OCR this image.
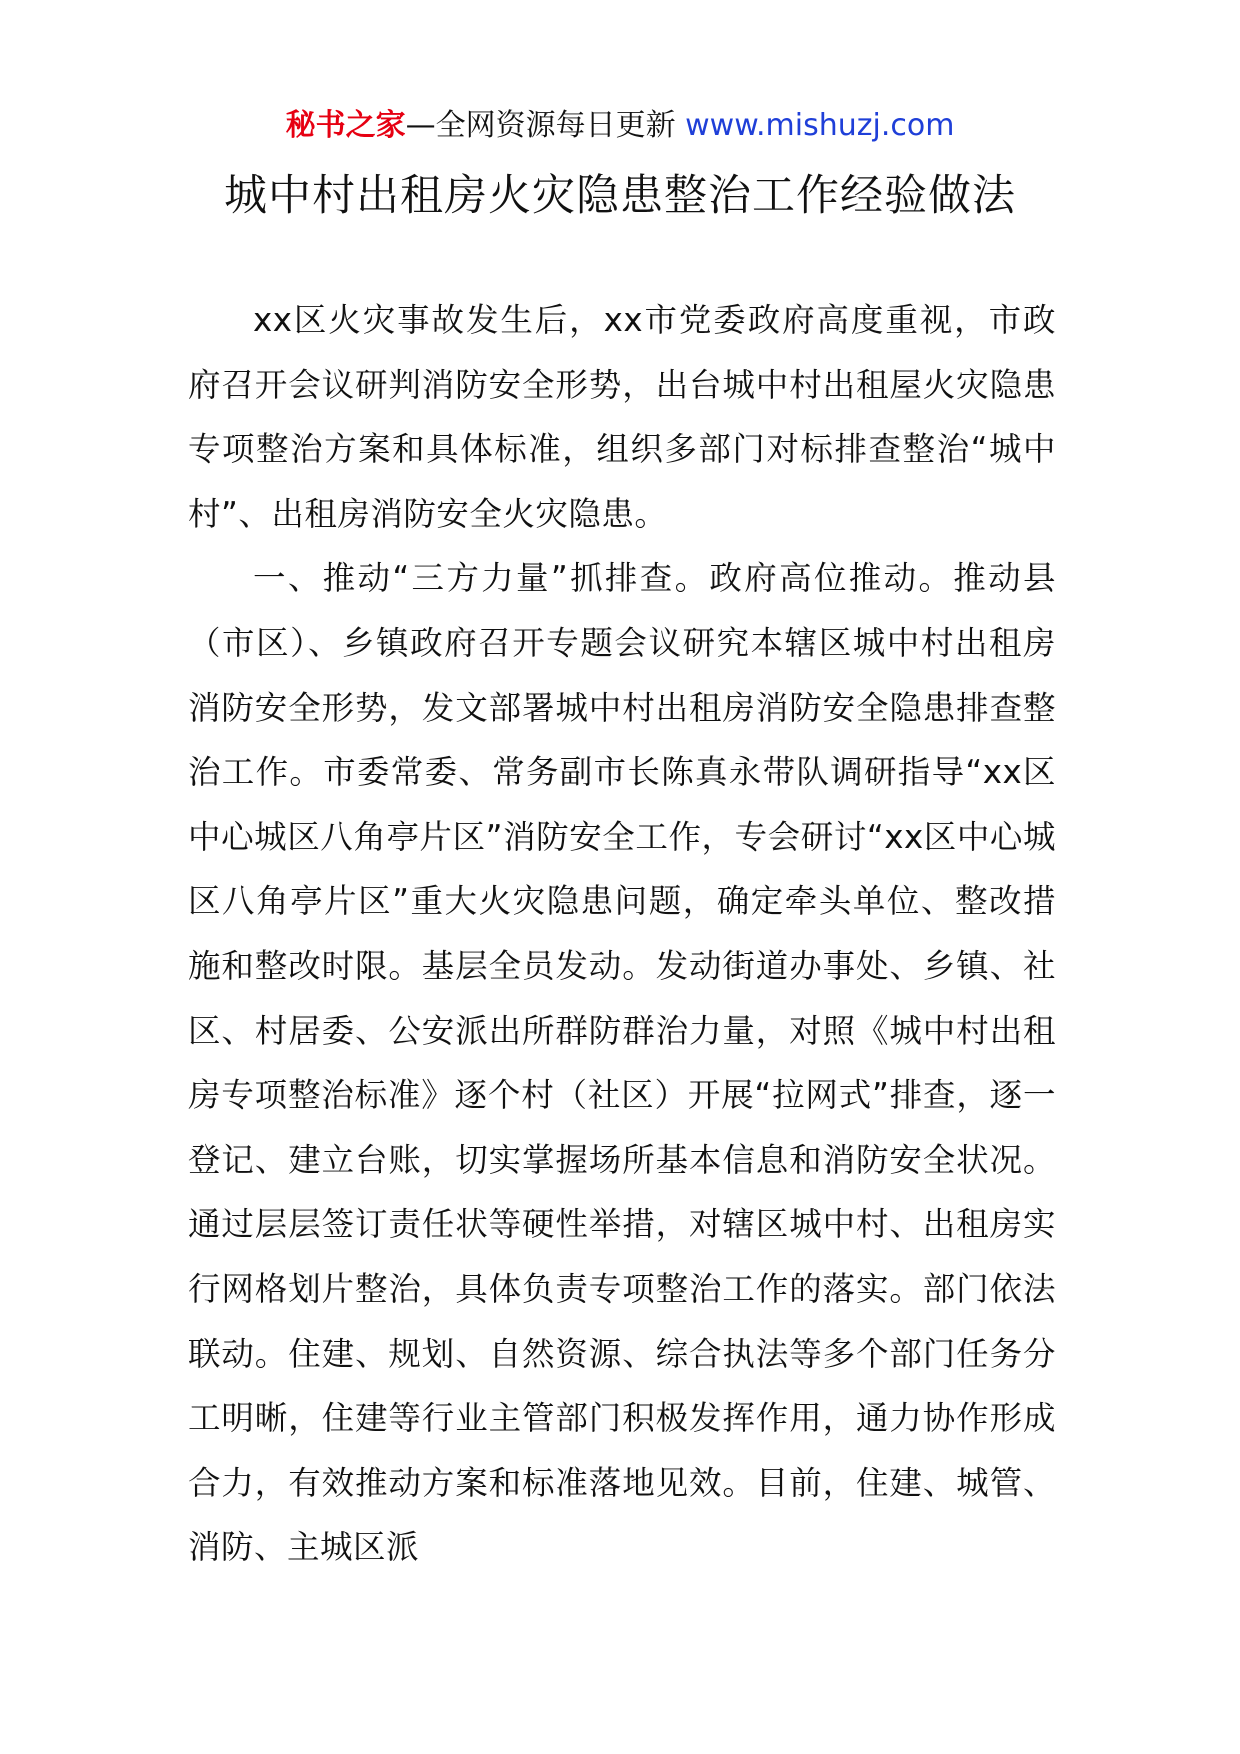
秘书之家—全网资源每日更新 www.mishuzj.com
城中村出租房火灾隐患整治工作经验做法

xx区火灾事故发生后，xx市党委政府高度重视，市政府召开会议研判消防安全形势，出台城中村出租屋火灾隐患专项整治方案和具体标准，组织多部门对标排查整治“城中村”、出租房消防安全火灾隐患。

一、推动“三方力量”抓排查。政府高位推动。推动县（市区）、乡镇政府召开专题会议研究本辖区城中村出租房消防安全形势，发文部署城中村出租房消防安全隐患排查整治工作。市委常委、常务副市长陈真永带队调研指导“xx区中心城区八角亭片区”消防安全工作，专会研讨“xx区中心城区八角亭片区”重大火灾隐患问题，确定牵头单位、整改措施和整改时限。基层全员发动。发动街道办事处、乡镇、社区、村居委、公安派出所群防群治力量，对照《城中村出租房专项整治标准》逐个村（社区）开展“拉网式”排查，逐一登记、建立台账，切实掌握场所基本信息和消防安全状况。通过层层签订责任状等硬性举措，对辖区城中村、出租房实行网格划片整治，具体负责专项整治工作的落实。部门依法联动。住建、规划、自然资源、综合执法等多个部门任务分工明晰，住建等行业主管部门积极发挥作用，通力协作形成合力，有效推动方案和标准落地见效。目前，住建、城管、消防、主城区派
